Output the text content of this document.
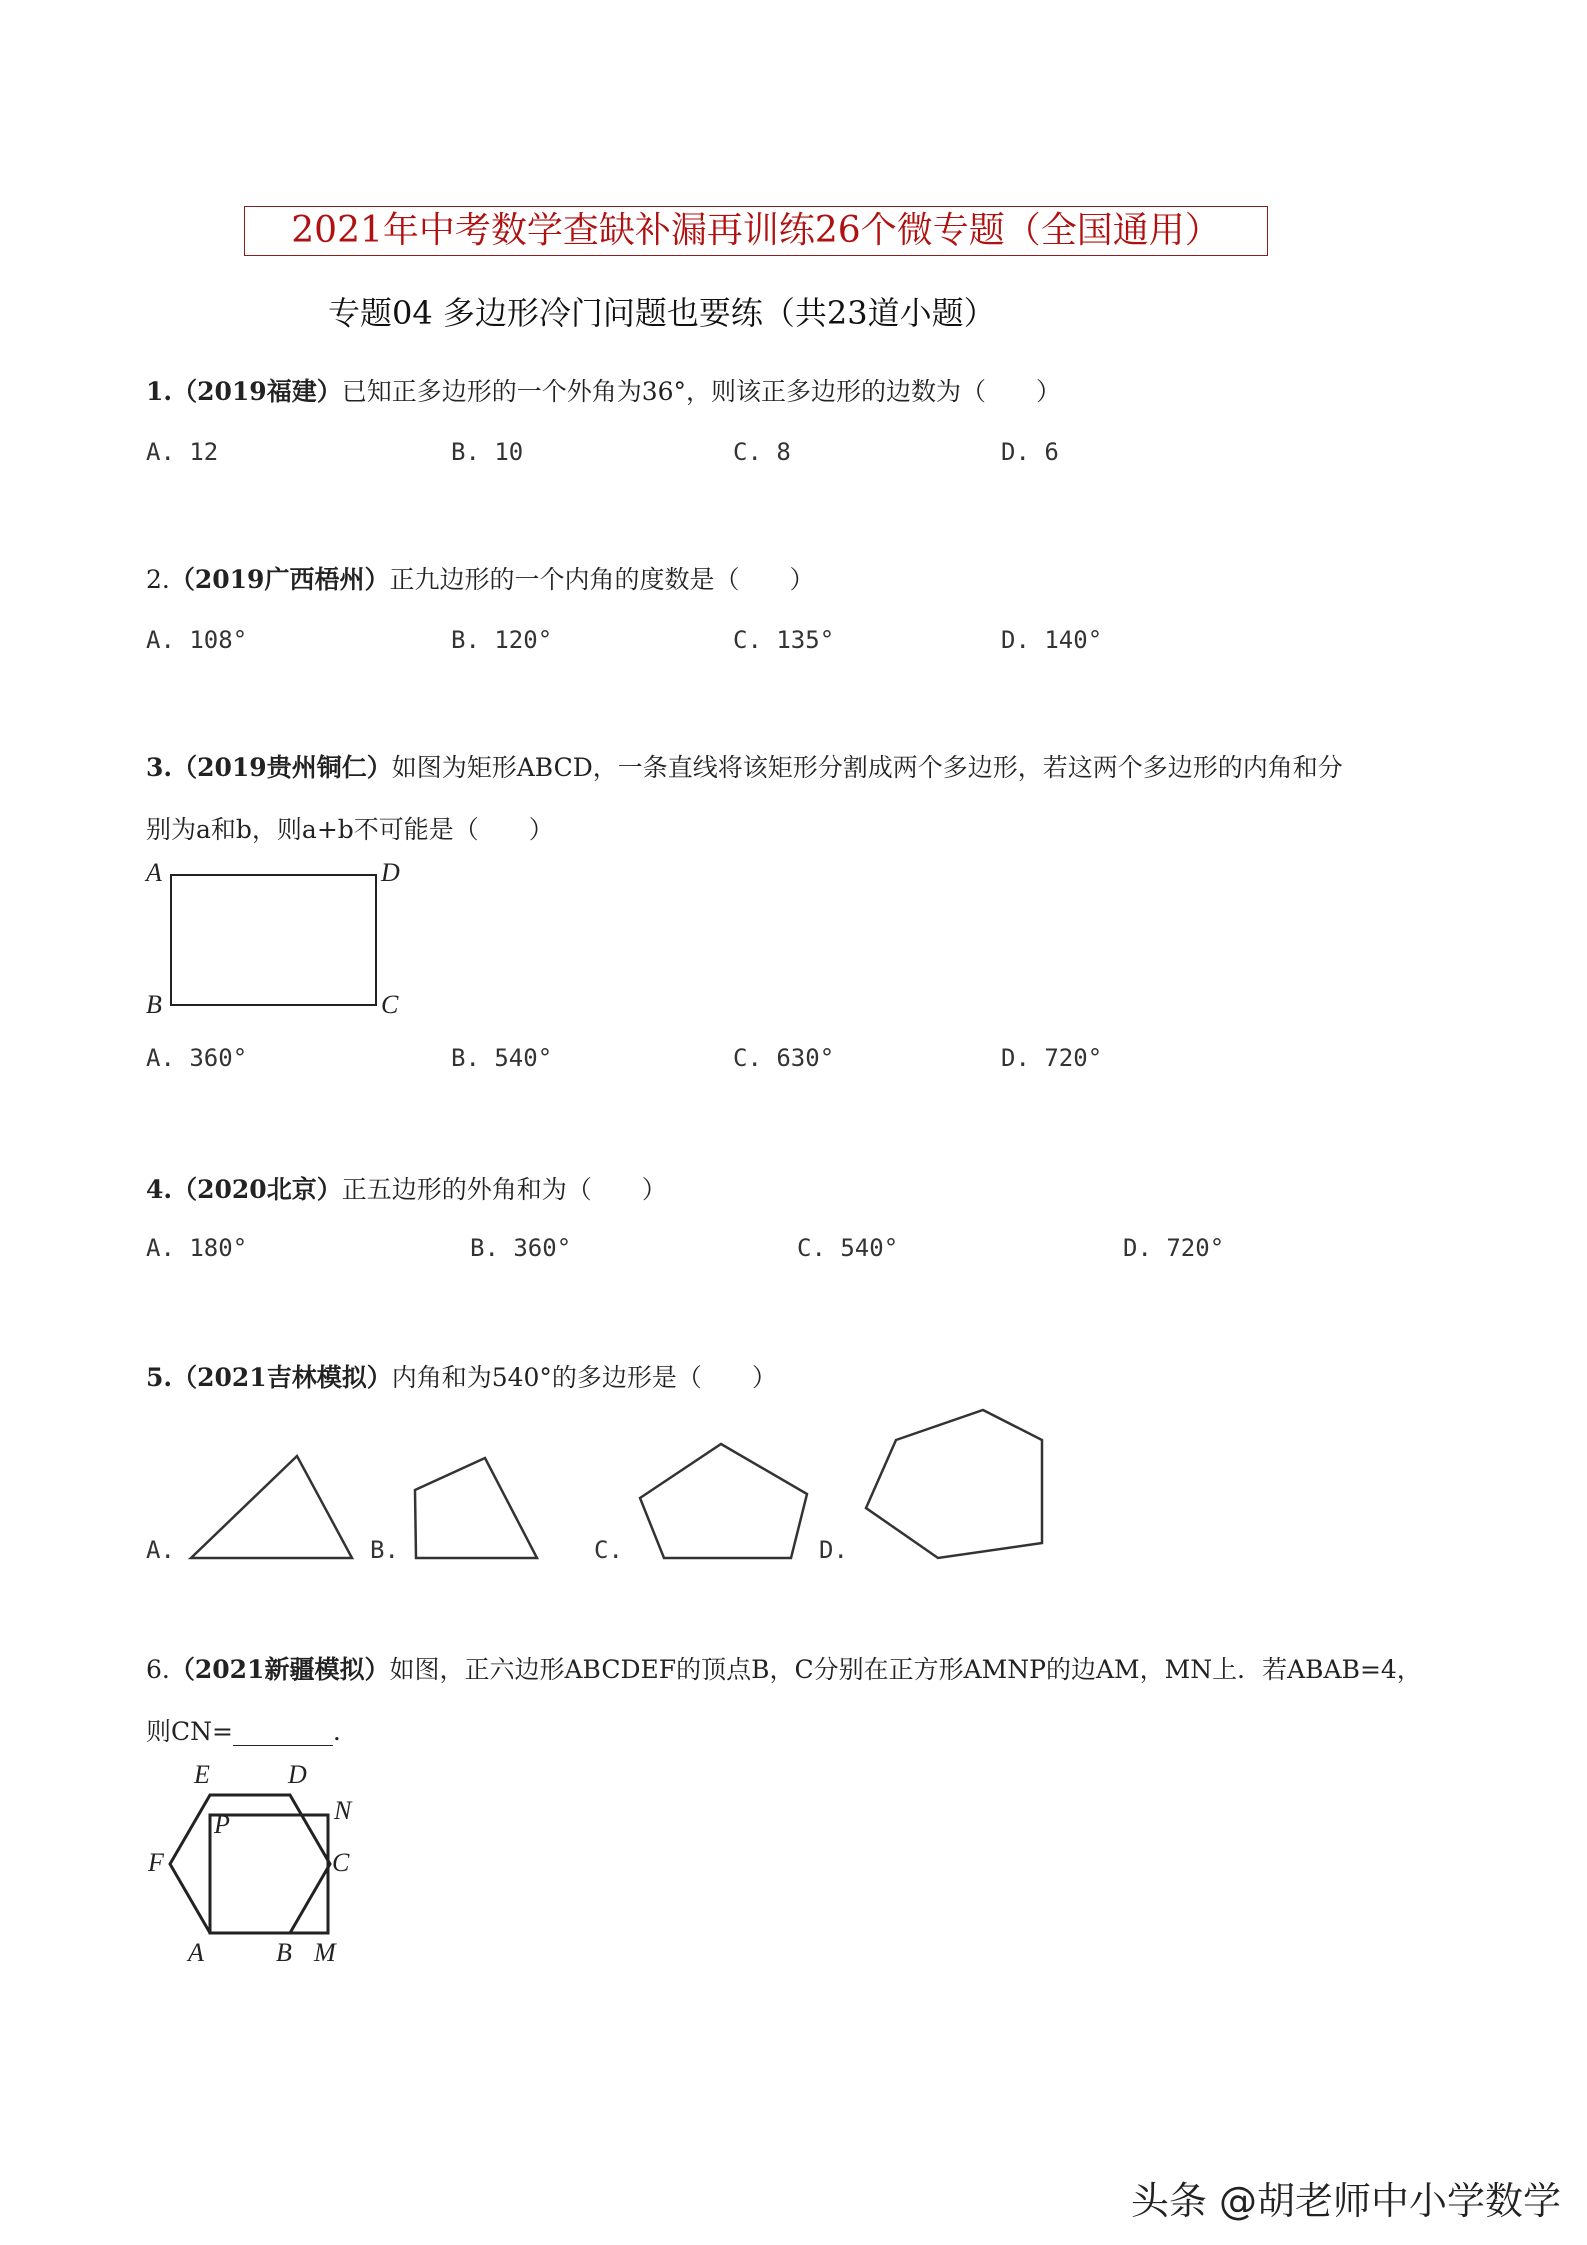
2021年中考数学查缺补漏再训练26个微专题（全国通用）
专题04 多边形冷门问题也要练（共23道小题）
1.（2019福建）已知正多边形的一个外角为36°，则该正多边形的边数为（　　）
A. 12	B. 10	C. 8	D. 6
2.（2019广西梧州）正九边形的一个内角的度数是（　　）
A. 108°	B. 120°	C. 135°	D. 140°
3.（2019贵州铜仁）如图为矩形ABCD，一条直线将该矩形分割成两个多边形，若这两个多边形的内角和分
别为a和b，则a+b不可能是（　　）
A	D
B	C
A. 360°	B. 540°	C. 630°	D. 720°
4.（2020北京）正五边形的外角和为（　　）
A. 180°	B. 360°	C. 540°	D. 720°
5.（2021吉林模拟）内角和为540°的多边形是（　　）
A.	B.	C.	D.
6.（2021新疆模拟）如图，正六边形ABCDEF的顶点B，C分别在正方形AMNP的边AM，MN上．若ABAB=4，
则CN=________．
E	D
N
P
F	C
A	B M
头条 @胡老师中小学数学
